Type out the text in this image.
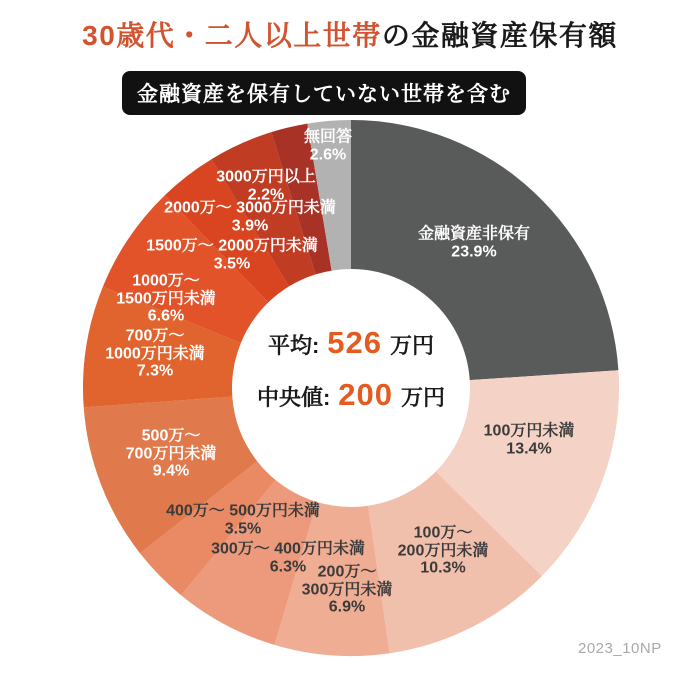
30歳代・二人以上世帯の金融資産保有額
金融資産を保有していない世帯を含む
金融資産非保有
23.9%
100万円未満
13.4%
100万〜
200万円未満
10.3%
200万〜
300万円未満
6.9%
300万〜 400万円未満
6.3%
400万〜 500万円未満
3.5%
500万〜
700万円未満
9.4%
700万〜
1000万円未満
7.3%
1000万〜
1500万円未満
6.6%
1500万〜 2000万円未満
3.5%
2000万〜 3000万円未満
3.9%
3000万円以上
2.2%
無回答
2.6%
平均: 526 万円
中央値: 200 万円
2023_10NP
